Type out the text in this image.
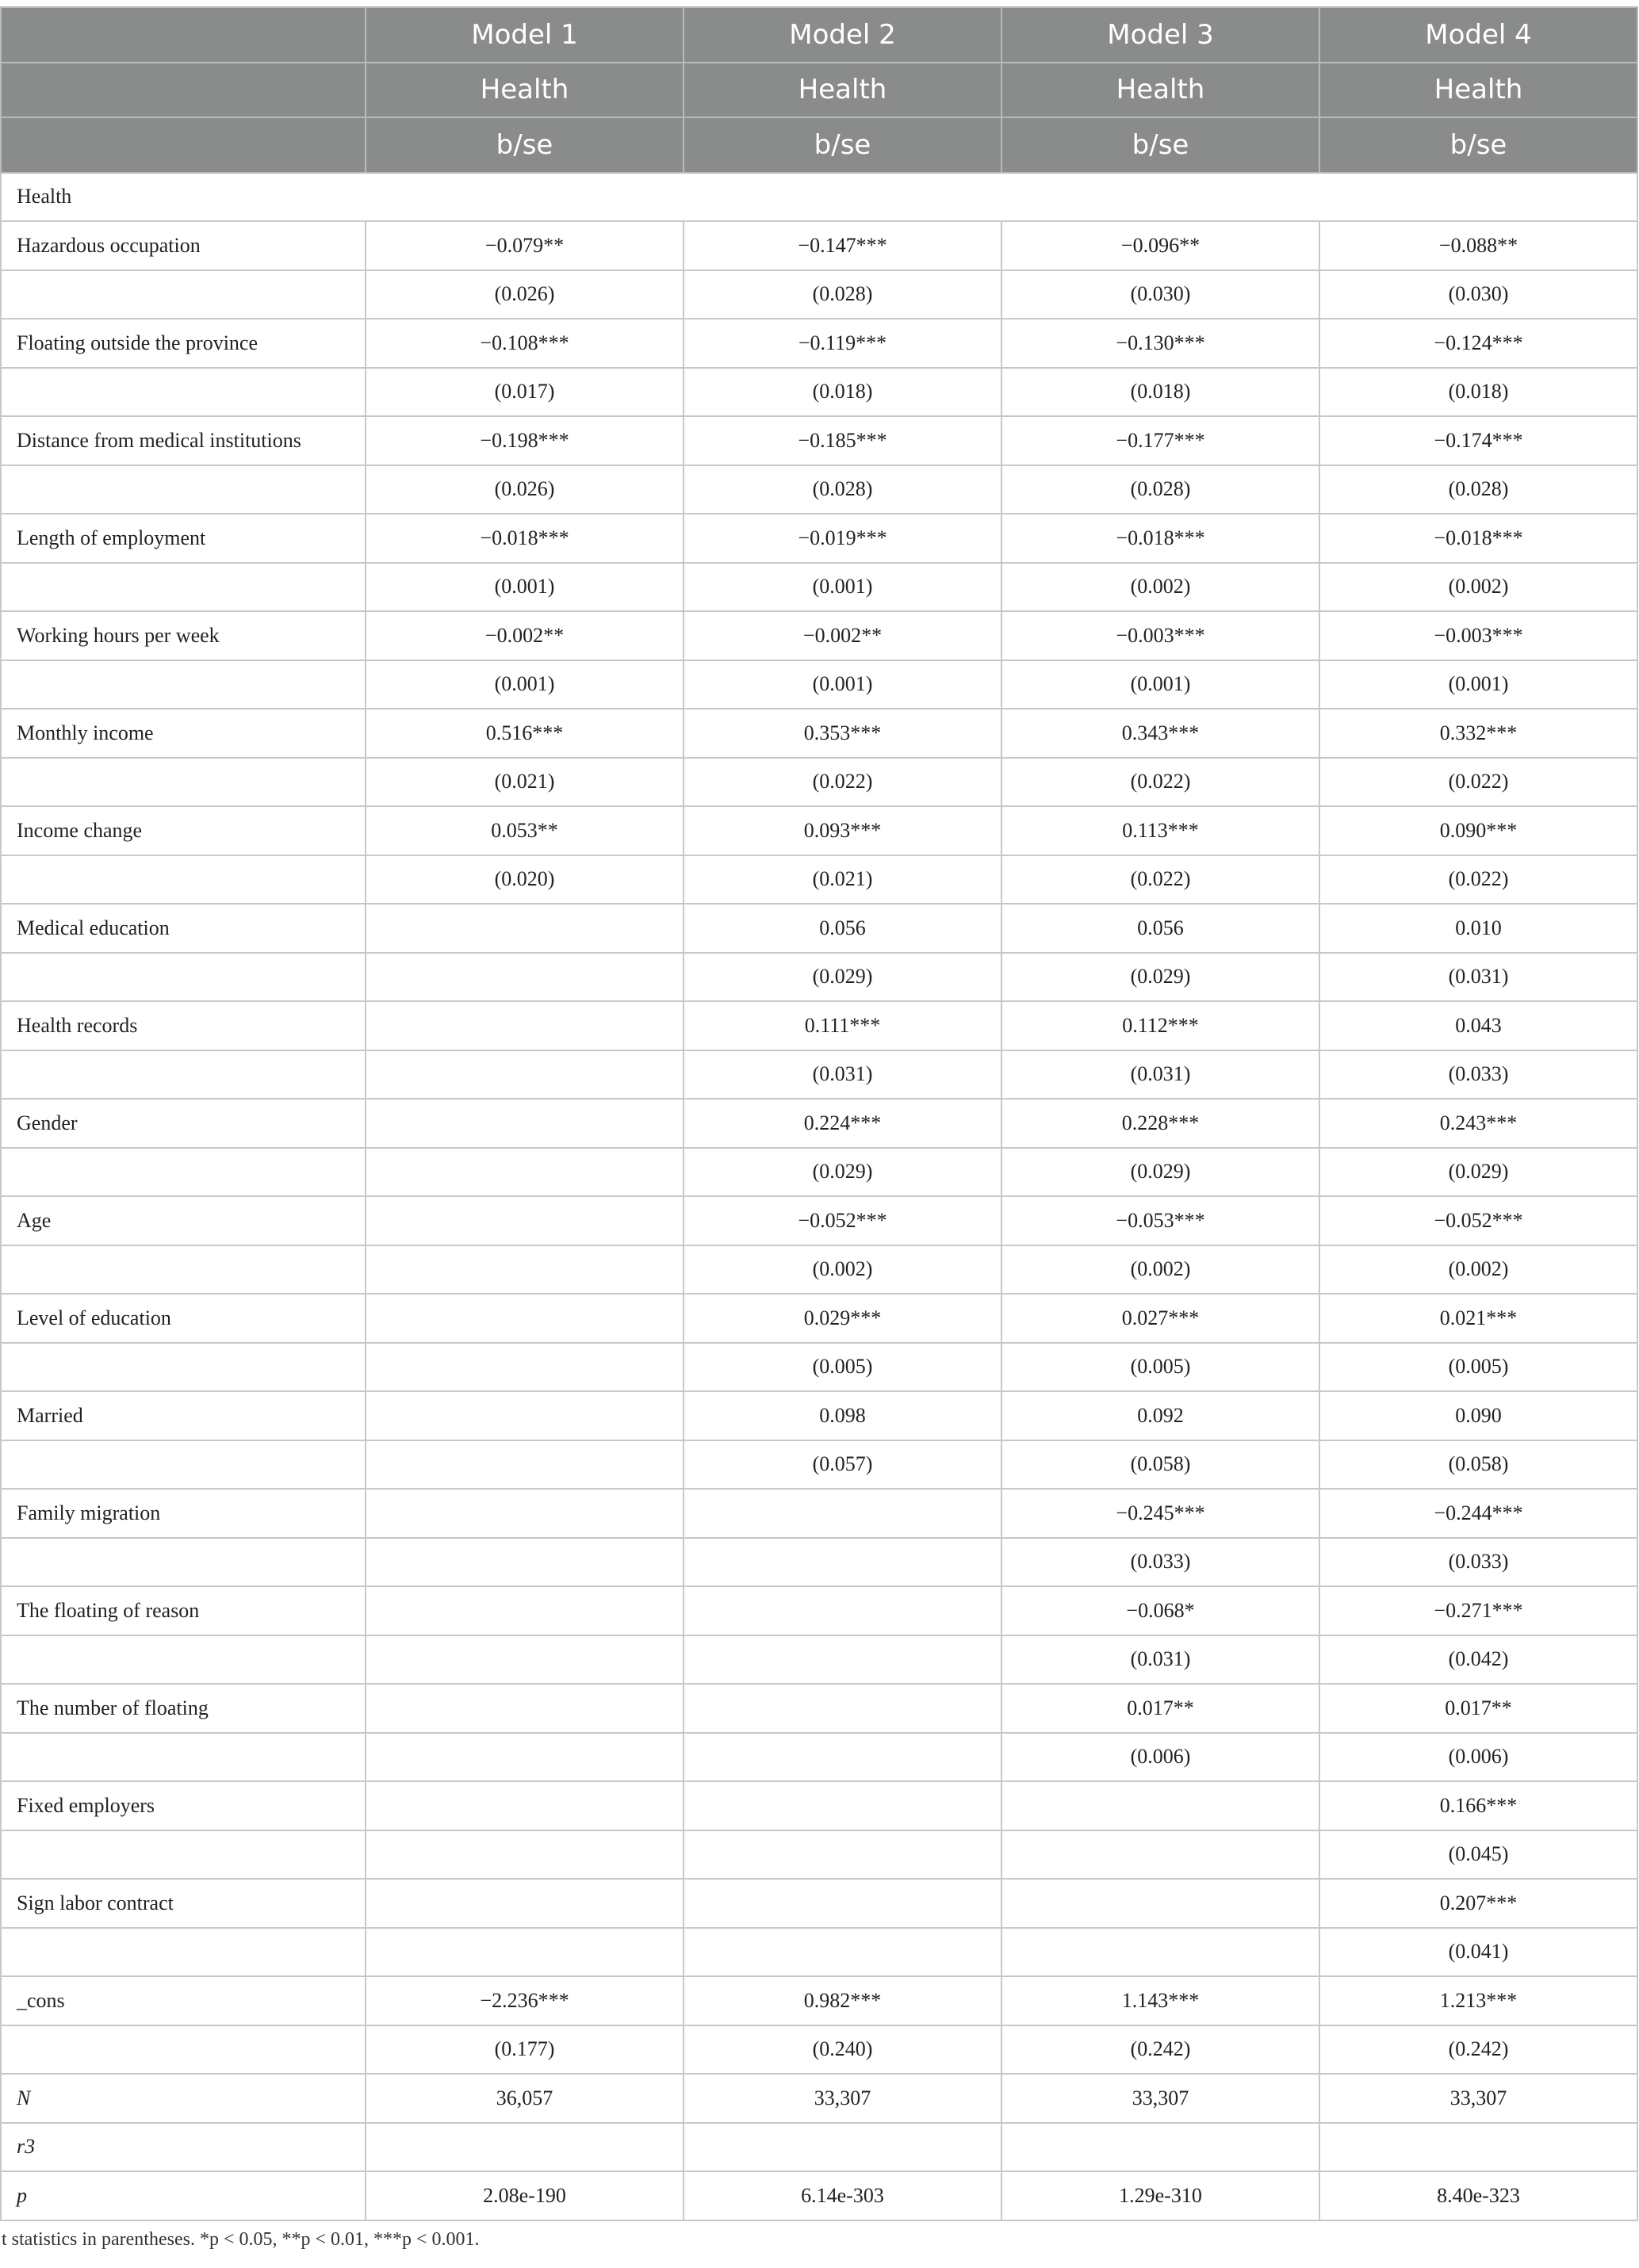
	Model 1	Model 2	Model 3	Model 4
	Health	Health	Health	Health
	b/se	b/se	b/se	b/se
Health				
Hazardous occupation	−0.079**	−0.147***	−0.096**	−0.088**
	(0.026)	(0.028)	(0.030)	(0.030)
Floating outside the province	−0.108***	−0.119***	−0.130***	−0.124***
	(0.017)	(0.018)	(0.018)	(0.018)
Distance from medical institutions	−0.198***	−0.185***	−0.177***	−0.174***
	(0.026)	(0.028)	(0.028)	(0.028)
Length of employment	−0.018***	−0.019***	−0.018***	−0.018***
	(0.001)	(0.001)	(0.002)	(0.002)
Working hours per week	−0.002**	−0.002**	−0.003***	−0.003***
	(0.001)	(0.001)	(0.001)	(0.001)
Monthly income	0.516***	0.353***	0.343***	0.332***
	(0.021)	(0.022)	(0.022)	(0.022)
Income change	0.053**	0.093***	0.113***	0.090***
	(0.020)	(0.021)	(0.022)	(0.022)
Medical education		0.056	0.056	0.010
		(0.029)	(0.029)	(0.031)
Health records		0.111***	0.112***	0.043
		(0.031)	(0.031)	(0.033)
Gender		0.224***	0.228***	0.243***
		(0.029)	(0.029)	(0.029)
Age		−0.052***	−0.053***	−0.052***
		(0.002)	(0.002)	(0.002)
Level of education		0.029***	0.027***	0.021***
		(0.005)	(0.005)	(0.005)
Married		0.098	0.092	0.090
		(0.057)	(0.058)	(0.058)
Family migration			−0.245***	−0.244***
			(0.033)	(0.033)
The floating of reason			−0.068*	−0.271***
			(0.031)	(0.042)
The number of floating			0.017**	0.017**
			(0.006)	(0.006)
Fixed employers				0.166***
				(0.045)
Sign labor contract				0.207***
				(0.041)
_cons	−2.236***	0.982***	1.143***	1.213***
	(0.177)	(0.240)	(0.242)	(0.242)
N	36,057	33,307	33,307	33,307
r3				
p	2.08e-190	6.14e-303	1.29e-310	8.40e-323
t statistics in parentheses. *p < 0.05, **p < 0.01, ***p < 0.001.
